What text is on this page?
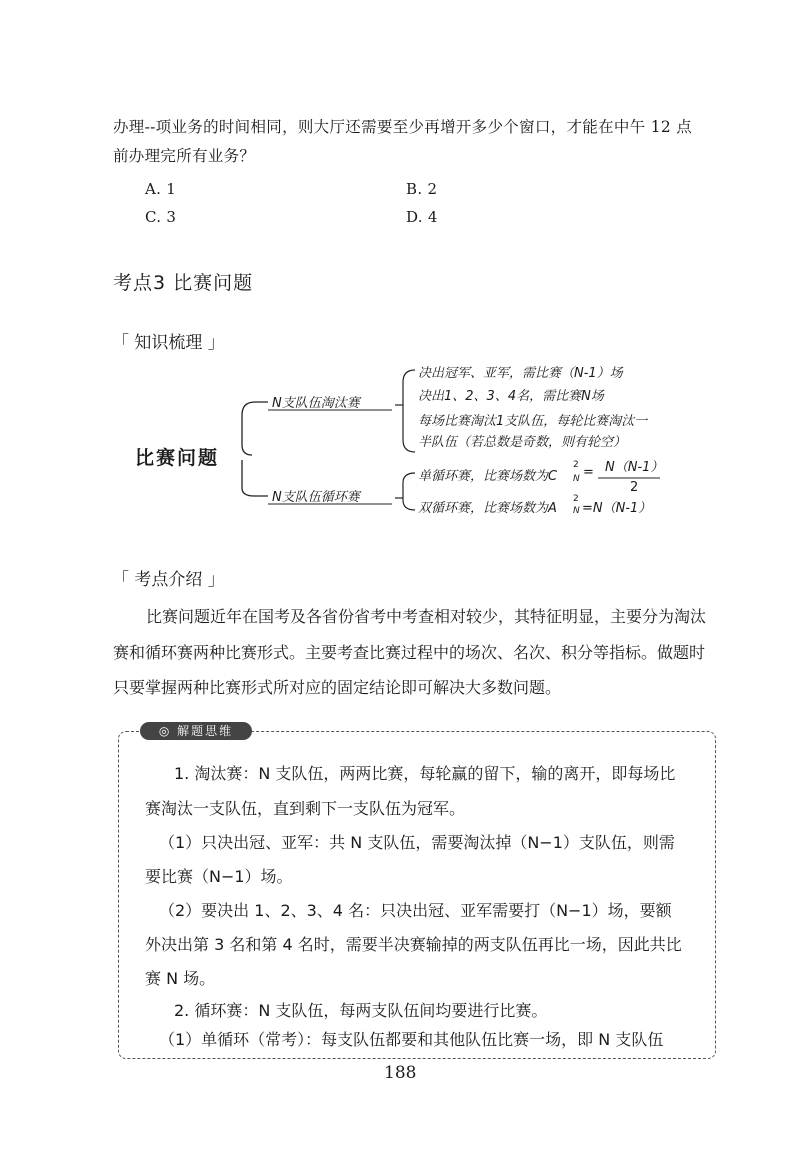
办理--项业务的时间相同，则大厅还需要至少再增开多少个窗口，才能在中午 12 点
前办理完所有业务？
A. 1	B. 2
C. 3	D. 4
考点3 比赛问题
「 知识梳理 」
比赛问题
N支队伍淘汰赛
N支队伍循环赛
决出冠军、亚军，需比赛（N-1）场
决出1、2、3、4名，需比赛N场
每场比赛淘汰1支队伍，每轮比赛淘汰一
半队伍（若总数是奇数，则有轮空）
单循环赛，比赛场数为C
2
N = N（N-1）
2
双循环赛，比赛场数为A
2
N =N（N-1）
「 考点介绍 」
比赛问题近年在国考及各省份省考中考查相对较少，其特征明显，主要分为淘汰
赛和循环赛两种比赛形式。主要考查比赛过程中的场次、名次、积分等指标。做题时
只要掌握两种比赛形式所对应的固定结论即可解决大多数问题。
◎ 解题思维
1. 淘汰赛：N 支队伍，两两比赛，每轮赢的留下，输的离开，即每场比
赛淘汰一支队伍，直到剩下一支队伍为冠军。
（1）只决出冠、亚军：共 N 支队伍，需要淘汰掉（N−1）支队伍，则需
要比赛（N−1）场。
（2）要决出 1、2、3、4 名：只决出冠、亚军需要打（N−1）场，要额
外决出第 3 名和第 4 名时，需要半决赛输掉的两支队伍再比一场，因此共比
赛 N 场。
2. 循环赛：N 支队伍，每两支队伍间均要进行比赛。
（1）单循环（常考）：每支队伍都要和其他队伍比赛一场，即 N 支队伍
188
